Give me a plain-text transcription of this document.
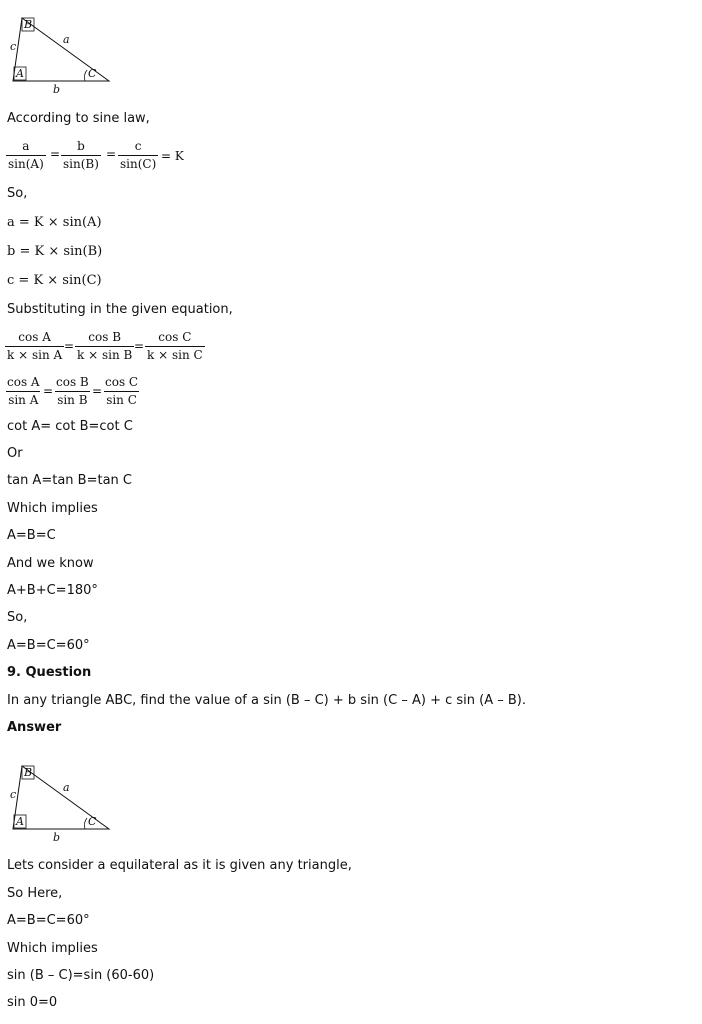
B
A	C
a
b
c
According to sine law,
$\frac{a}{\sin(A)} = \frac{b}{\sin(B)} = \frac{c}{\sin(C)} = K$
So,
a = K × sin(A)
b = K × sin(B)
c = K × sin(C)
Substituting in the given equation,
$\frac{\text{cos A}}{\text{k × sin A}} = \frac{\text{cos B}}{\text{k × sin B}} = \frac{\text{cos C}}{\text{k × sin C}}$
$\frac{\text{cos A}}{\text{sin A}} = \frac{\text{cos B}}{\text{sin B}} = \frac{\text{cos C}}{\text{sin C}}$
cot A= cot B=cot C
Or
tan A=tan B=tan C
Which implies
A=B=C
And we know
A+B+C=180°
So,
A=B=C=60°
9. Question
In any triangle ABC, find the value of a sin (B – C) + b sin (C – A) + c sin (A – B).
Answer
B
A	C
a
b
c
Lets consider a equilateral as it is given any triangle,
So Here,
A=B=C=60°
Which implies
sin (B – C)=sin (60-60)
sin 0=0
